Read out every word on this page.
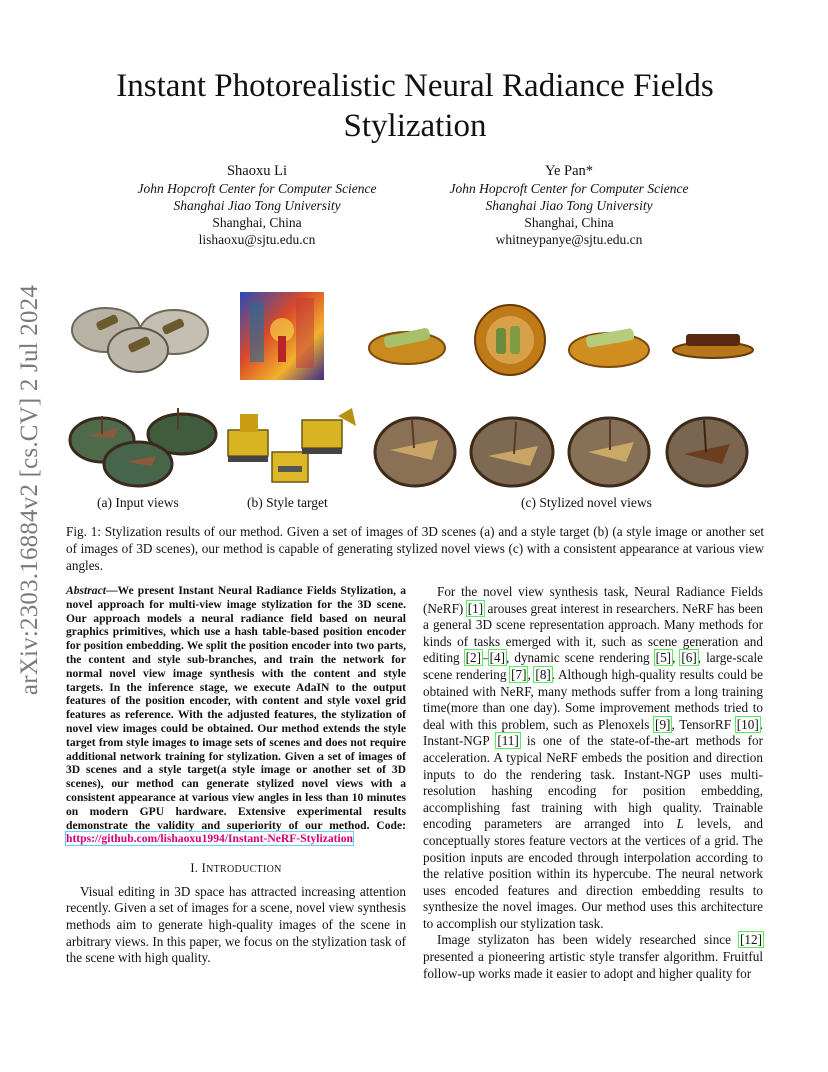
arXiv:2303.16884v2 [cs.CV] 2 Jul 2024
Instant Photorealistic Neural Radiance Fields Stylization
Shaoxu Li
John Hopcroft Center for Computer Science
Shanghai Jiao Tong University
Shanghai, China
lishaoxu@sjtu.edu.cn
Ye Pan*
John Hopcroft Center for Computer Science
Shanghai Jiao Tong University
Shanghai, China
whitneypanye@sjtu.edu.cn
(a) Input views	(b) Style target	(c) Stylized novel views

Fig. 1: Stylization results of our method. Given a set of images of 3D scenes (a) and a style target (b) (a style image or another set of images of 3D scenes), our method is capable of generating stylized novel views (c) with a consistent appearance at various view angles.

Abstract—We present Instant Neural Radiance Fields Stylization, a novel approach for multi-view image stylization for the 3D scene. Our approach models a neural radiance field based on neural graphics primitives, which use a hash table-based position encoder for position embedding. We split the position encoder into two parts, the content and style sub-branches, and train the network for normal novel view image synthesis with the content and style targets. In the inference stage, we execute AdaIN to the output features of the position encoder, with content and style voxel grid features as reference. With the adjusted features, the stylization of novel view images could be obtained. Our method extends the style target from style images to image sets of scenes and does not require additional network training for stylization. Given a set of images of 3D scenes and a style target(a style image or another set of 3D scenes), our method can generate stylized novel views with a consistent appearance at various view angles in less than 10 minutes on modern GPU hardware. Extensive experimental results demonstrate the validity and superiority of our method. Code: https://github.com/lishaoxu1994/Instant-NeRF-Stylization

I. INTRODUCTION

Visual editing in 3D space has attracted increasing attention recently. Given a set of images for a scene, novel view synthesis methods aim to generate high-quality images of the scene in arbitrary views. In this paper, we focus on the stylization task of the scene with high quality.

For the novel view synthesis task, Neural Radiance Fields (NeRF) [1] arouses great interest in researchers. NeRF has been a general 3D scene representation approach. Many methods for kinds of tasks emerged with it, such as scene generation and editing [2]–[4], dynamic scene rendering [5], [6], large-scale scene rendering [7], [8]. Although high-quality results could be obtained with NeRF, many methods suffer from a long training time(more than one day). Some improvement methods tried to deal with this problem, such as Plenoxels [9], TensorRF [10]. Instant-NGP [11] is one of the state-of-the-art methods for acceleration. A typical NeRF embeds the position and direction inputs to do the rendering task. Instant-NGP uses multi-resolution hashing encoding for position embedding, accomplishing fast training with high quality. Trainable encoding parameters are arranged into L levels, and conceptually stores feature vectors at the vertices of a grid. The position inputs are encoded through interpolation according to the relative position within its hypercube. The neural network uses encoded features and direction embedding results to synthesize the novel images. Our method uses this architecture to accomplish our stylization task.

Image stylizaton has been widely researched since [12] presented a pioneering artistic style transfer algorithm. Fruitful follow-up works made it easier to adopt and higher quality for
